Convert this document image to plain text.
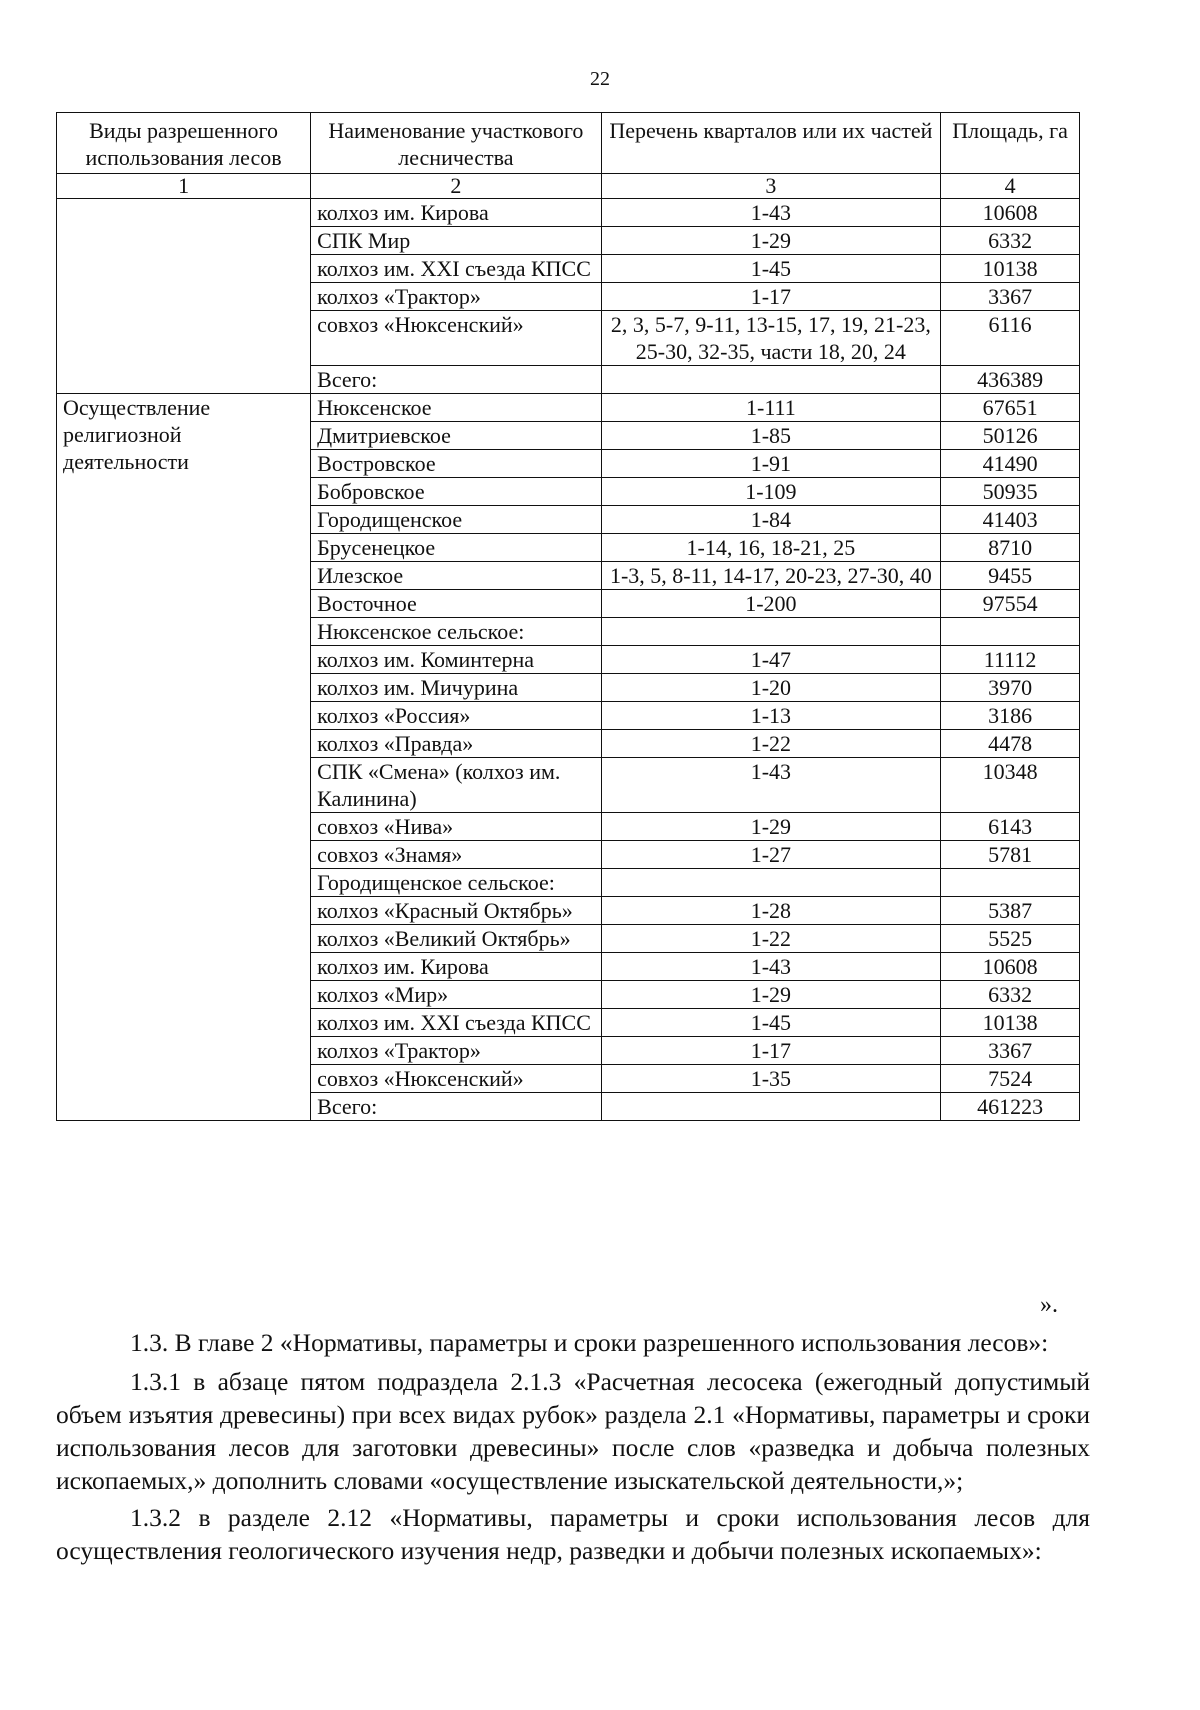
22
Виды разрешенного использования лесов	Наименование участкового лесничества	Перечень кварталов или их частей	Площадь, га
1	2	3	4
	колхоз им. Кирова	1-43	10608
	СПК Мир	1-29	6332
	колхоз им. XXI съезда КПСС	1-45	10138
	колхоз «Трактор»	1-17	3367
	совхоз «Нюксенский»	2, 3, 5-7, 9-11, 13-15, 17, 19, 21-23, 25-30, 32-35, части 18, 20, 24	6116
	Всего:		436389
Осуществление религиозной деятельности	Нюксенское	1-111	67651
	Дмитриевское	1-85	50126
	Востровское	1-91	41490
	Бобровское	1-109	50935
	Городищенское	1-84	41403
	Брусенецкое	1-14, 16, 18-21, 25	8710
	Илезское	1-3, 5, 8-11, 14-17, 20-23, 27-30, 40	9455
	Восточное	1-200	97554
	Нюксенское сельское:		
	колхоз им. Коминтерна	1-47	11112
	колхоз им. Мичурина	1-20	3970
	колхоз «Россия»	1-13	3186
	колхоз «Правда»	1-22	4478
	СПК «Смена» (колхоз им. Калинина)	1-43	10348
	совхоз «Нива»	1-29	6143
	совхоз «Знамя»	1-27	5781
	Городищенское сельское:		
	колхоз «Красный Октябрь»	1-28	5387
	колхоз «Великий Октябрь»	1-22	5525
	колхоз им. Кирова	1-43	10608
	колхоз «Мир»	1-29	6332
	колхоз им. XXI съезда КПСС	1-45	10138
	колхоз «Трактор»	1-17	3367
	совхоз «Нюксенский»	1-35	7524
	Всего:		461223
».

1.3. В главе 2 «Нормативы, параметры и сроки разрешенного использования лесов»:

1.3.1 в абзаце пятом подраздела 2.1.3 «Расчетная лесосека (ежегодный допустимый объем изъятия древесины) при всех видах рубок» раздела 2.1 «Нормативы, параметры и сроки использования лесов для заготовки древесины» после слов «разведка и добыча полезных ископаемых,» дополнить словами «осуществление изыскательской деятельности,»;

1.3.2 в разделе 2.12 «Нормативы, параметры и сроки использования лесов для осуществления геологического изучения недр, разведки и добычи полезных ископаемых»:
